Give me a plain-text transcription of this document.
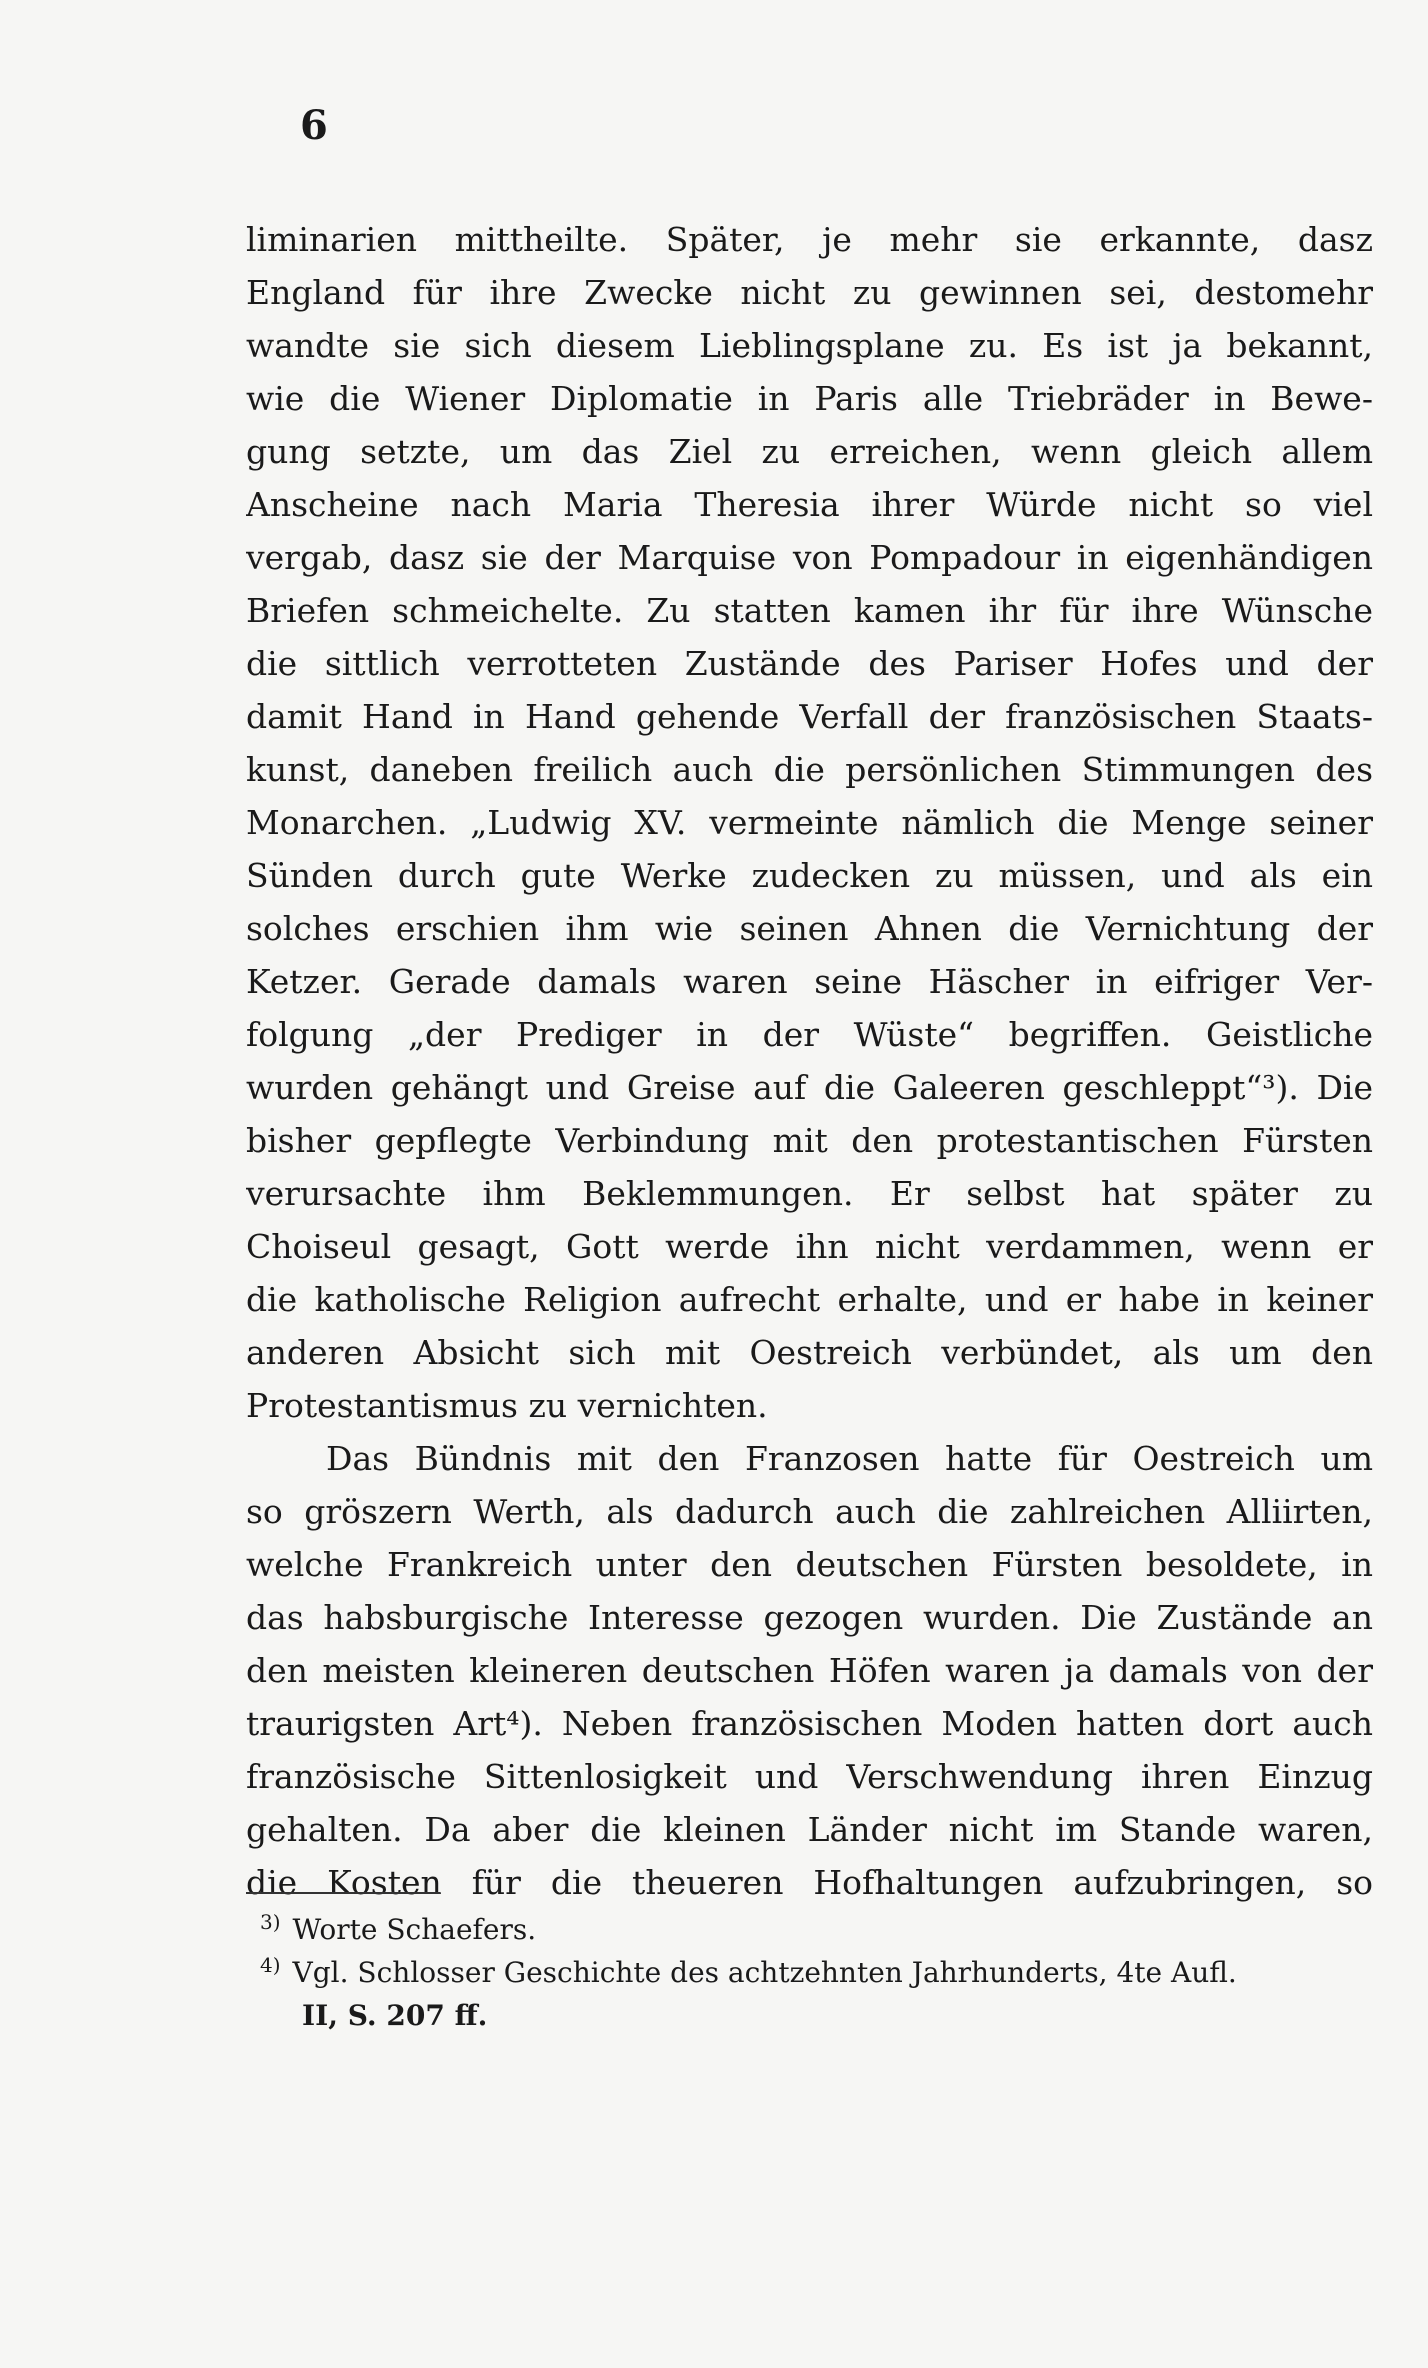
6
liminarien mittheilte. Später, je mehr sie erkannte, dasz
England für ihre Zwecke nicht zu gewinnen sei, destomehr
wandte sie sich diesem Lieblingsplane zu. Es ist ja bekannt,
wie die Wiener Diplomatie in Paris alle Triebräder in Bewe-
gung setzte, um das Ziel zu erreichen, wenn gleich allem
Anscheine nach Maria Theresia ihrer Würde nicht so viel
vergab, dasz sie der Marquise von Pompadour in eigenhändigen
Briefen schmeichelte. Zu statten kamen ihr für ihre Wünsche
die sittlich verrotteten Zustände des Pariser Hofes und der
damit Hand in Hand gehende Verfall der französischen Staats-
kunst, daneben freilich auch die persönlichen Stimmungen des
Monarchen. „Ludwig XV. vermeinte nämlich die Menge seiner
Sünden durch gute Werke zudecken zu müssen, und als ein
solches erschien ihm wie seinen Ahnen die Vernichtung der
Ketzer. Gerade damals waren seine Häscher in eifriger Ver-
folgung „der Prediger in der Wüste“ begriffen. Geistliche
wurden gehängt und Greise auf die Galeeren geschleppt“³). Die
bisher gepflegte Verbindung mit den protestantischen Fürsten
verursachte ihm Beklemmungen. Er selbst hat später zu
Choiseul gesagt, Gott werde ihn nicht verdammen, wenn er
die katholische Religion aufrecht erhalte, und er habe in keiner
anderen Absicht sich mit Oestreich verbündet, als um den
Protestantismus zu vernichten.
Das Bündnis mit den Franzosen hatte für Oestreich um
so gröszern Werth, als dadurch auch die zahlreichen Alliirten,
welche Frankreich unter den deutschen Fürsten besoldete, in
das habsburgische Interesse gezogen wurden. Die Zustände an
den meisten kleineren deutschen Höfen waren ja damals von der
traurigsten Art⁴). Neben französischen Moden hatten dort auch
französische Sittenlosigkeit und Verschwendung ihren Einzug
gehalten. Da aber die kleinen Länder nicht im Stande waren,
die Kosten für die theueren Hofhaltungen aufzubringen, so
$^{3)}$ Worte Schaefers.
$^{4)}$ Vgl. Schlosser Geschichte des achtzehnten Jahrhunderts, 4te Aufl.
II, S. 207 ff.
